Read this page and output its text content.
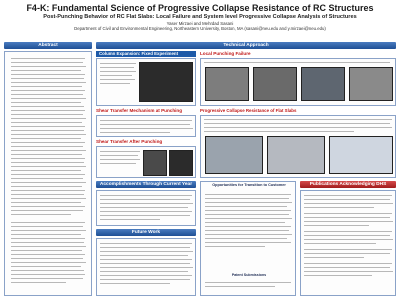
F4-K: Fundamental Science of Progressive Collapse Resistance of RC Structures
Post-Punching Behavior of RC Flat Slabs: Local Failure and System level Progressive Collapse Analysis of Structures
Yaser Mirzaei and Mehrdad Sasani
Department of Civil and Environmental Engineering, Northeastern University, Boston, MA (sasani@neu.edu and y.mirzaei@neu.edu)
Abstract	Technical Approach
Column Expansion: Fixed Experiment
Shear Transfer Mechanism at Punching
Shear Transfer After Punching
Local Punching Failure
Progressive Collapse Resistance of Flat Slabs
Accomplishments Through Current Year
Future Work
Opportunities for Transition to Customer
Patent Submissions
Publications Acknowledging DHS
